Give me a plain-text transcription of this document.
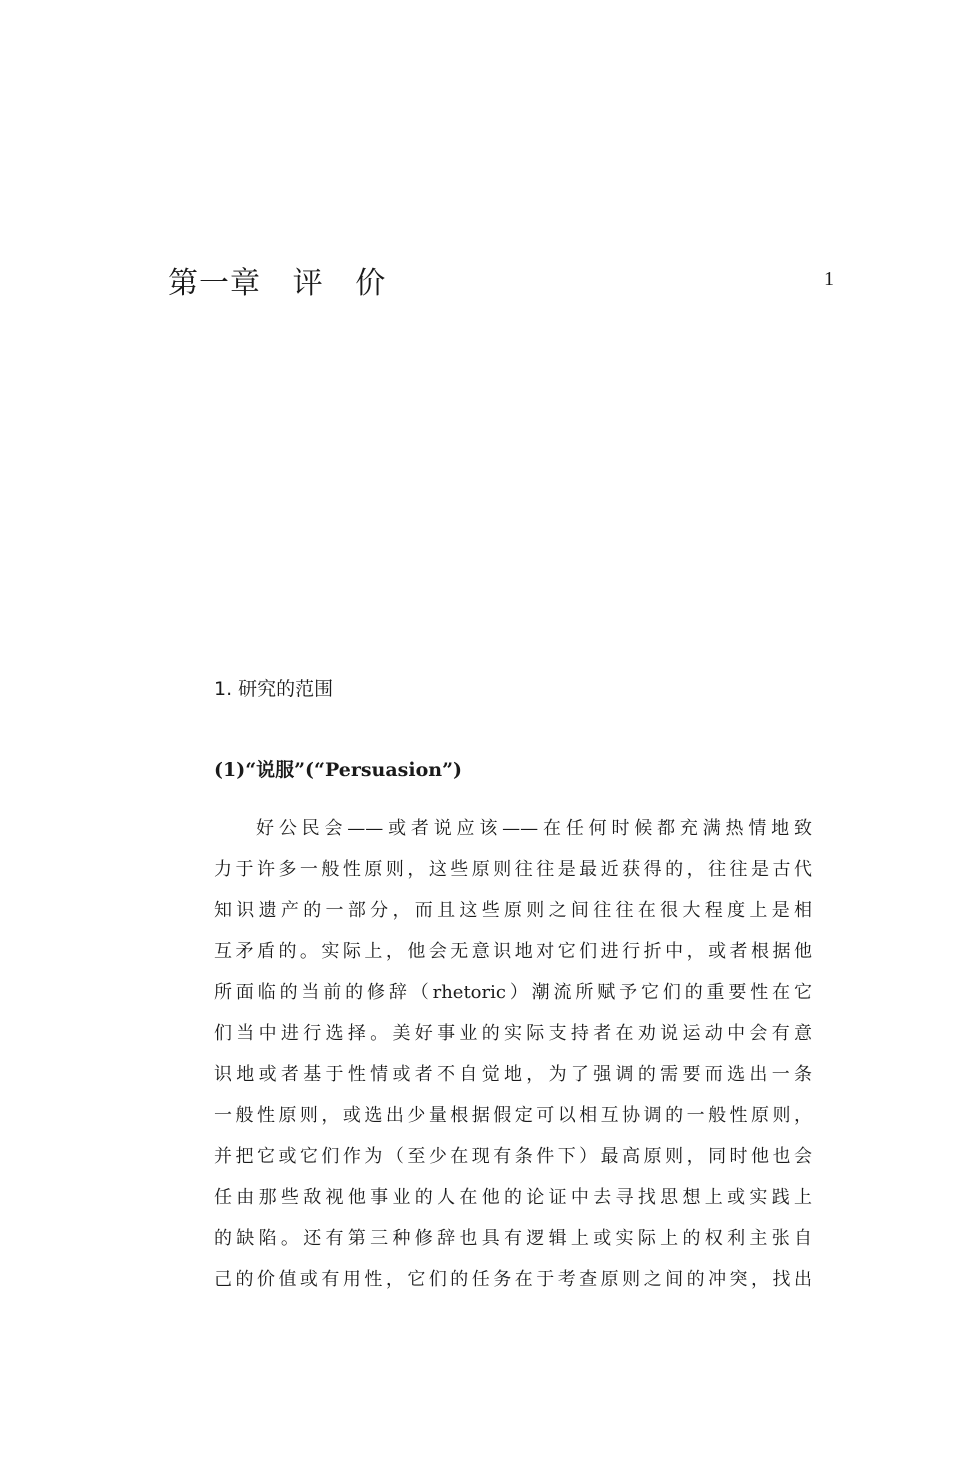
第一章   评   价	1
1. 研究的范围
(1)“说服”(“Persuasion”)
好公民会——或者说应该——在任何时候都充满热情地致
力于许多一般性原则，这些原则往往是最近获得的，往往是古代
知识遗产的一部分，而且这些原则之间往往在很大程度上是相
互矛盾的。实际上，他会无意识地对它们进行折中，或者根据他
所面临的当前的修辞（rhetoric）潮流所赋予它们的重要性在它
们当中进行选择。美好事业的实际支持者在劝说运动中会有意
识地或者基于性情或者不自觉地，为了强调的需要而选出一条
一般性原则，或选出少量根据假定可以相互协调的一般性原则，
并把它或它们作为（至少在现有条件下）最高原则，同时他也会
任由那些敌视他事业的人在他的论证中去寻找思想上或实践上
的缺陷。还有第三种修辞也具有逻辑上或实际上的权利主张自
己的价值或有用性，它们的任务在于考查原则之间的冲突，找出
